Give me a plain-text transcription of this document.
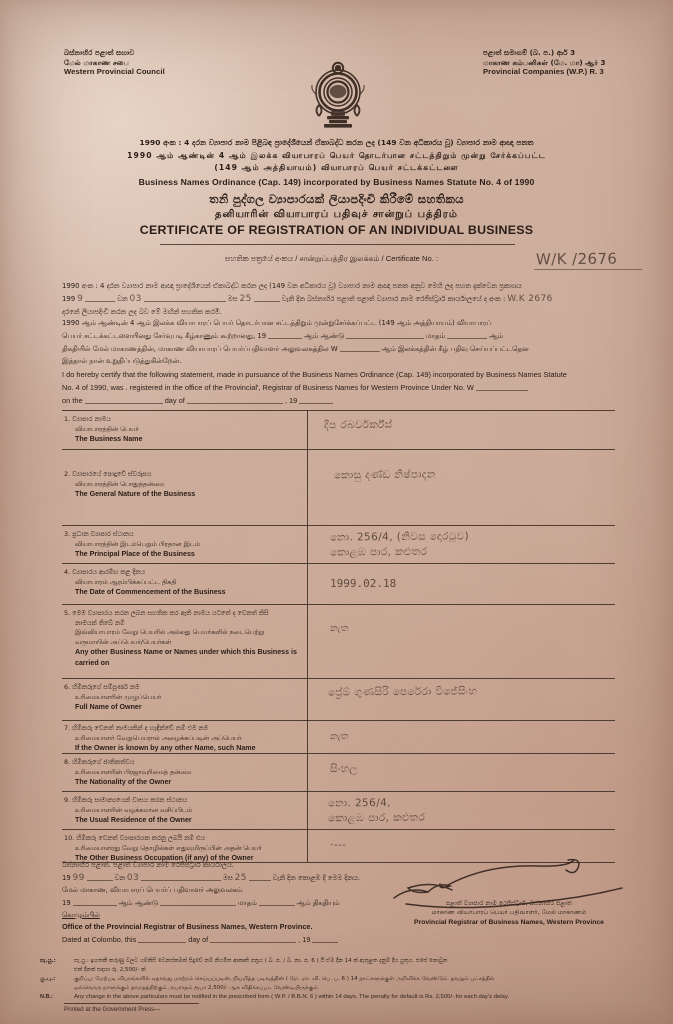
බස්නාහිර පළාත් සභාව
மேல் மாகாண சபை
Western Provincial Council
පළාත් සමාගම් (බ. ප.) ආර් 3
மாகாண கம்பனிகள் (மே. மா) ஆர் 3
Provincial Companies (W.P.) R. 3
1990 අංක : 4 දරන ව්‍යාපාර නාම පිළිබඳ ප්‍රාදේශීයෙන් ඒකාබද්ධ කරන ලද (149 වන අධිකාරය වූ) ව්‍යාපාර නාම ආඥා පනත
1990 ஆம் ஆண்டின் 4 ஆம் இலக்க வியாபாரப் பெயர் தொடர்பான சட்டத்திறும் முன்று சேர்க்கப்பட்ட
(149 ஆம் அத்தியாயம்) வியாபாரப் பெயர் சட்டக்கட்டளை
Business Names Ordinance (Cap. 149) incorporated by Business Names Statute No. 4 of 1990
තනි පුද්ගල ව්‍යාපාරයක් ලියාපදිංචි කිරීමේ සහතිකය
தனியாரின் வியாபாரப் பதிவுச் சான்றுப் பத்திரம்
CERTIFICATE OF REGISTRATION OF AN INDIVIDUAL BUSINESS
සහතික පත්‍රයේ අංකය / சான்றுப்பத்திர இலக்கம் / Certificate No. :	W/K /2676
1990 අංක : 4 දරන ව්‍යාපාර නාම ආඥා ප්‍රාදේශීයෙන් ඒකාබද්ධ කරන ලද (149 වන අධිකාරය වූ) ව්‍යාපාර නාම ආඥා පනත අනුව මෙහි ලද පහත දැක්වෙන ප්‍රකාශය
199 9	වන 03	මස 25	වැනි දින බස්නාහිර පළාත් පළාත් ව්‍යාපාර නාම රෙජිස්ට්‍රාර් කාර්යාලයේ ද අංක : W.K 2676
දරනේ ලියාපදිංචි කරන ලද බව මේ මඟින් සහතික කරමි.
1990 ஆம் ஆண்டின் 4 ஆம் இலக்க வியாபாரப் பெயர் தொடர்பான சட்டத்திறும் முன்றுசேர்க்கப்பட்ட (149 ஆம் அத்தியாயம்) வியாபாரப்
பெயர் சட்டக்கட்டளையினது சேர்வுபடி கீழ்காணும் கூற்றானது, 19	ஆம் ஆண்டு	மாதம்	ஆம்
திகதியில் மேல் மாகாணத்தின், மாகாண வியாபாரப் பெயர்ப்பதிவாளர் அலுவலகத்தில W	ஆம் இலக்கத்தின் கீழ் பதிவு செய்யப்பட்டதென
இத்தால் நான் உறுதிப்படுத்துகின்றேன்.
I do hereby certify that the following statement, made in pursuance of the Business Names Ordinance (Cap. 149) incorporated by Business Names Statute
No. 4 of 1990, was . registered in the office of the Provincial', Registrar of Business Names for Western Province Under No. W
on the	day of	, 19
1. ව්‍යාපාර නාමය
வியாபாரத்தின் பெயர்
The Business Name
දීප රබර්වර්ක්ස්
2. ව්‍යාපාරයේ පොදුවේ ස්වරූපය
வியாபாரத்தின் பொதுத்தன்மை
The General Nature of the Business
කොසු දණ්ඩ නිෂ්පාදන
3. ප්‍රධාන ව්‍යාපාර ස්ථානය
வியாபாரத்தின் இடம்பெறும் பிரதான இடம்
The Principal Place of the Business
නො. 256/4, (නිවස දොරටුව)
කොළඹ පාර, කළුතර
4. ව්‍යාපාරය ආරම්භ කළ දිනය
வியாபாரம் ஆரம்பிக்கப்பட்ட திகதி
The Date of Commencement of the Business
1999.02.18
5. මෙම ව්‍යාපාරය කරන ලබන සහතික කර ඇති නාමය යටතේ ද වෙනත් කිසි
නාමයක් තිබේ නම්
இவ்வியாபாரம் வேறு பெயரில் அல்லது பெயர்களில் நடைபெற்று
வருமாயின் அப்பெயர்/பெயர்கள்
Any other Business Name or Names under which this Business is
carried on
නැත
6. හිමිකරුගේ සම්පූර්ණ නම
உரிமையாளரின் முழுப்பெயர்
Full Name of Owner
ප්‍රේම් ගුණසිරි පෙරේරා විජේසිංහ
7. හිමිකරු වෙනත් නාමයකින් ද හැඳින්වේ නම් එම නම
உரிமையாளர் வேறுபெயரால் அழைக்கப்படின் அப்பெயர்
If the Owner is known by any other Name, such Name
නැත
8. හිමිකරුගේ ජාතිකත්වය
உரிமையாளரின் பிரஜாவுரிமைத் தன்மை
The Nationality of the Owner
සිංහල
9. හිමිකරු සාමාන්‍යයෙන් වාසය කරන ස්ථානය
உரிமையாளரின் வழக்கமான வசிப்பிடம்
The Usual Residence of the Owner
නො. 256/4,
කොළඹ පාර, කළුතර
10. හිමිකරු වෙනත් ව්‍යාපාරයක කරනු ලබයි නම් එය
உரிமையாளரது வேறு தொழில்கள் எதுவுமிருப்பின் அதன் பெயர்
The Other Business Occupation (if any) of the Owner
·---
බස්නාහිර පළාත්. පළාත් ව්‍යාපාර නාම රෙජිස්ට්‍රාර් කාර්යාලය.
19 99	වන 03	මස 25	වැනි දින කොළඹ දී මෙම දිනය.
மேல் மாகாண, வியாபாரப் பெயர்ப் பதிவாளர் அலுவலகம்
19	ஆம் ஆண்டு	மாதம்	ஆம் திகதியும்
கொழும்பில்
Office of the Provincial Registrar of Business Names, Western Province.
Dated at Colombo, this	day of	, 19
පළාත් ව්‍යාපාර නාම රෙජිස්ට්‍රාර්, බස්නාහිර පළාත
மாகாண வியாபாரப் பெயர் பதிவாளர், மேல் மாகாணம்
Provincial Registrar of Business Names, Western Province
සැ.යු.:	සැ.යු.: ඉහතකී කරුණු වලට යම්කිසි වෙනස්කමක් සිදුවේ නම් නියමිත ආකෘති පත්‍රය ( බ. ප. / බ. නා. ප. 6 ) යි ඒම දින 14 ක් ඇතුළත දැනුම් දිය යුතුය. එසේ නොවුන
එක් දිනක් සඳහා රු. 2,500/- ක්
கு.பு.:	குறிப்பு: மேற்படி விபரங்களில் ஏதாவது மாற்றம் செய்யப்படின், நியமித்த படிவத்தின் ( மே. மா. வி. பெ. ப. 6 ) 14 நாட்களுக்குள் அறிவிக்க வேண்டும். தவறும் பட்சத்தில்
ஒவ்வொரு நாளுக்கும் தாமதத்திற்கும் அபராதம் ரூபா 2,500/- ஆக விதிக்கப்பட வேண்டியிருக்கும்
N.B.:	Any change in the above particulars must be notified in the prescribed form ( W.P. / B.B.N. 6 ) within 14 days. The penalty for default is Rs. 2,500/- for each day's delay.
Printed at the Government Press—
